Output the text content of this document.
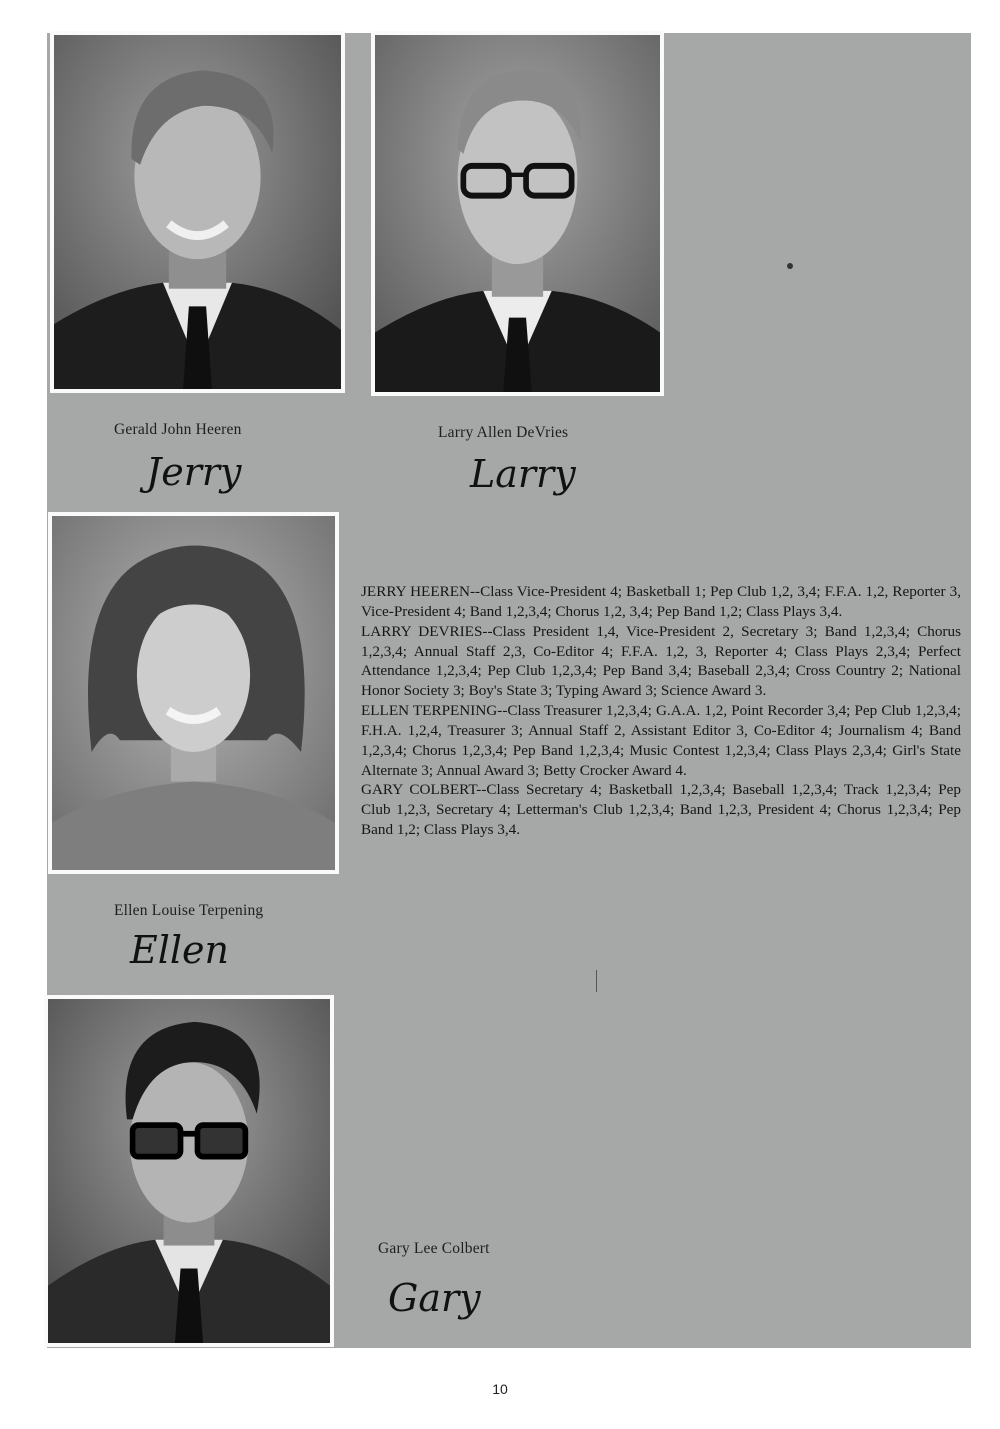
Gerald John Heeren
Jerry
Larry Allen DeVries
Larry
Ellen Louise Terpening
Ellen
Gary Lee Colbert
Gary

JERRY HEEREN--Class Vice-President 4; Basketball 1; Pep Club 1,2, 3,4; F.F.A. 1,2, Reporter 3, Vice-President 4; Band 1,2,3,4; Chorus 1,2, 3,4; Pep Band 1,2; Class Plays 3,4.

LARRY DEVRIES--Class President 1,4, Vice-President 2, Secretary 3; Band 1,2,3,4; Chorus 1,2,3,4; Annual Staff 2,3, Co-Editor 4; F.F.A. 1,2, 3, Reporter 4; Class Plays 2,3,4; Perfect Attendance 1,2,3,4; Pep Club 1,2,3,4; Pep Band 3,4; Baseball 2,3,4; Cross Country 2; National Honor Society 3; Boy's State 3; Typing Award 3; Science Award 3.

ELLEN TERPENING--Class Treasurer 1,2,3,4; G.A.A. 1,2, Point Recorder 3,4; Pep Club 1,2,3,4; F.H.A. 1,2,4, Treasurer 3; Annual Staff 2, Assistant Editor 3, Co-Editor 4; Journalism 4; Band 1,2,3,4; Chorus 1,2,3,4; Pep Band 1,2,3,4; Music Contest 1,2,3,4; Class Plays 2,3,4; Girl's State Alternate 3; Annual Award 3; Betty Crocker Award 4.

GARY COLBERT--Class Secretary 4; Basketball 1,2,3,4; Baseball 1,2,3,4; Track 1,2,3,4; Pep Club 1,2,3, Secretary 4; Letterman's Club 1,2,3,4; Band 1,2,3, President 4; Chorus 1,2,3,4; Pep Band 1,2; Class Plays 3,4.

10
